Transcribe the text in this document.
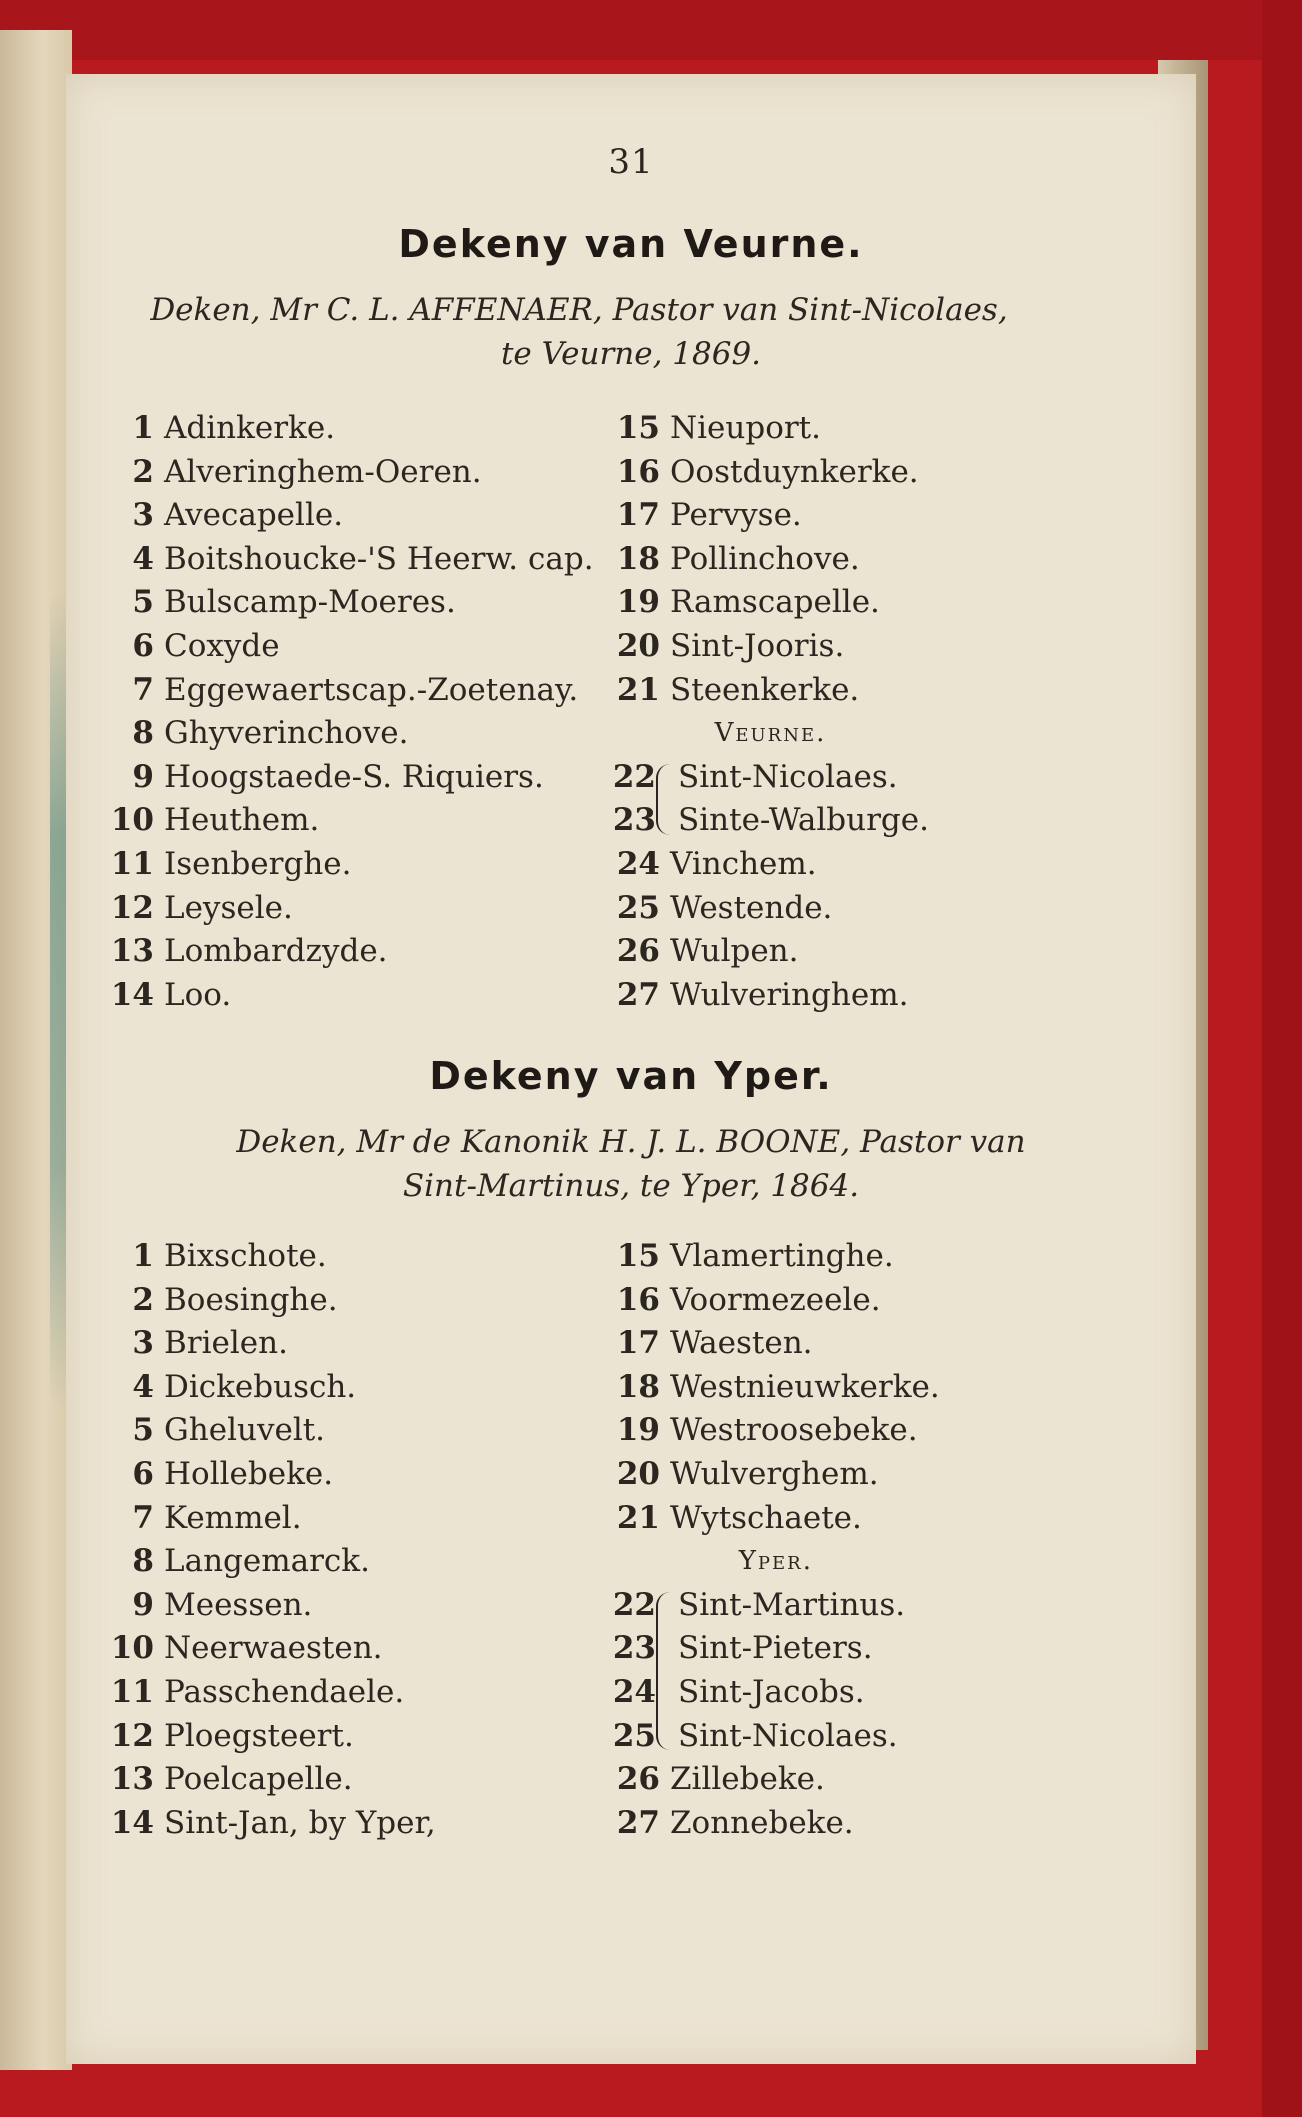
31
Dekeny van Veurne.
Deken, Mr C. L. AFFENAER, Pastor van Sint-Nicolaes,
te Veurne, 1869.
1 Adinkerke.
2 Alveringhem-Oeren.
3 Avecapelle.
4 Boitshoucke-'S Heerw. cap.
5 Bulscamp-Moeres.
6 Coxyde
7 Eggewaertscap.-Zoetenay.
8 Ghyverinchove.
9 Hoogstaede-S. Riquiers.
10 Heuthem.
11 Isenberghe.
12 Leysele.
13 Lombardzyde.
14 Loo.
15 Nieuport.
16 Oostduynkerke.
17 Pervyse.
18 Pollinchove.
19 Ramscapelle.
20 Sint-Jooris.
21 Steenkerke.
Veurne.
22 Sint-Nicolaes.
23 Sinte-Walburge.
24 Vinchem.
25 Westende.
26 Wulpen.
27 Wulveringhem.
Dekeny van Yper.
Deken, Mr de Kanonik H. J. L. BOONE, Pastor van
Sint-Martinus, te Yper, 1864.
1 Bixschote.
2 Boesinghe.
3 Brielen.
4 Dickebusch.
5 Gheluvelt.
6 Hollebeke.
7 Kemmel.
8 Langemarck.
9 Meessen.
10 Neerwaesten.
11 Passchendaele.
12 Ploegsteert.
13 Poelcapelle.
14 Sint-Jan, by Yper,
15 Vlamertinghe.
16 Voormezeele.
17 Waesten.
18 Westnieuwkerke.
19 Westroosebeke.
20 Wulverghem.
21 Wytschaete.
Yper.
22 Sint-Martinus.
23 Sint-Pieters.
24 Sint-Jacobs.
25 Sint-Nicolaes.
26 Zillebeke.
27 Zonnebeke.
